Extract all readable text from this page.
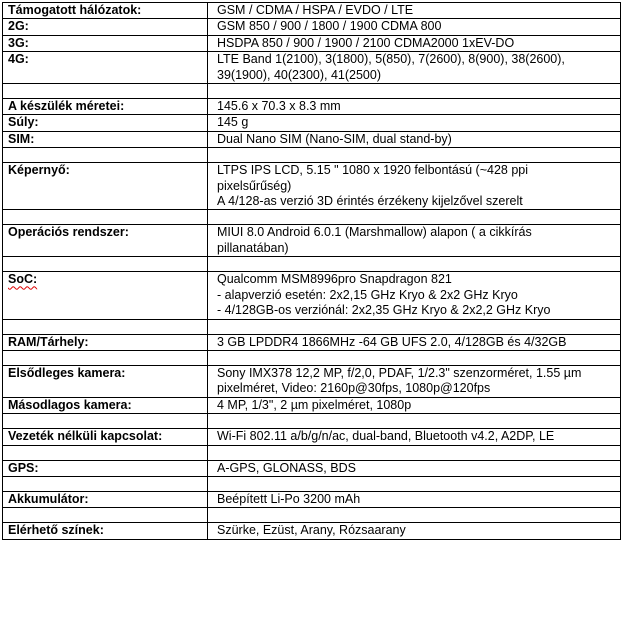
Támogatott hálózatok:	GSM / CDMA / HSPA / EVDO / LTE

2G:	GSM 850 / 900 / 1800 / 1900 CDMA 800

3G:	HSDPA 850 / 900 / 1900 / 2100 CDMA2000 1xEV-DO

4G:	LTE Band 1(2100), 3(1800), 5(850), 7(2600), 8(900), 38(2600),
39(1900), 40(2300), 41(2500)

A készülék méretei:	145.6 x 70.3 x 8.3 mm

Súly:	145 g

SIM:	Dual Nano SIM (Nano-SIM, dual stand-by)

Képernyő:	LTPS IPS LCD, 5.15 " 1080 x 1920 felbontású (~428 ppi
pixelsűrűség)
A 4/128-as verzió 3D érintés érzékeny kijelzővel szerelt

Operációs rendszer:	MIUI 8.0 Android 6.0.1 (Marshmallow) alapon ( a cikkírás
pillanatában)

SoC:	Qualcomm MSM8996pro Snapdragon 821
- alapverzió esetén: 2x2,15 GHz Kryo & 2x2 GHz Kryo
- 4/128GB-os verziónál: 2x2,35 GHz Kryo & 2x2,2 GHz Kryo

RAM/Tárhely:	3 GB LPDDR4 1866MHz -64 GB UFS 2.0, 4/128GB és 4/32GB

Elsődleges kamera:	Sony IMX378 12,2 MP, f/2,0, PDAF, 1/2.3" szenzorméret, 1.55 µm
pixelméret, Video: 2160p@30fps, 1080p@120fps

Másodlagos kamera:	4 MP, 1/3", 2 µm pixelméret, 1080p

Vezeték nélküli kapcsolat:	Wi-Fi 802.11 a/b/g/n/ac, dual-band, Bluetooth v4.2, A2DP, LE

GPS:	A-GPS, GLONASS, BDS

Akkumulátor:	Beépített Li-Po 3200 mAh

Elérhető színek:	Szürke, Ezüst, Arany, Rózsaarany
